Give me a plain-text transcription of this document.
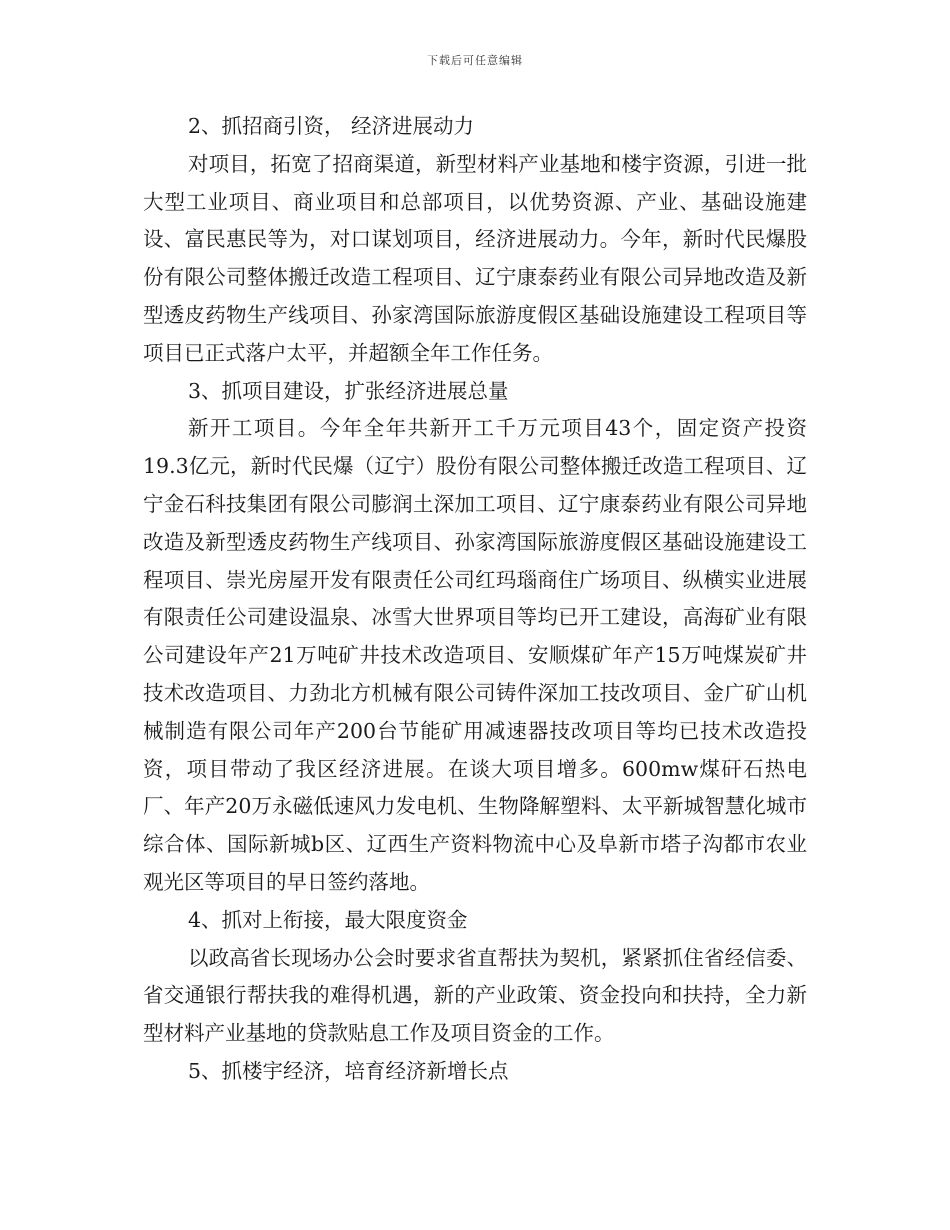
下载后可任意编辑

2、抓招商引资， 经济进展动力

对项目，拓宽了招商渠道，新型材料产业基地和楼宇资源，引进一批大型工业项目、商业项目和总部项目，以优势资源、产业、基础设施建设、富民惠民等为，对口谋划项目，经济进展动力。今年，新时代民爆股份有限公司整体搬迁改造工程项目、辽宁康泰药业有限公司异地改造及新型透皮药物生产线项目、孙家湾国际旅游度假区基础设施建设工程项目等项目已正式落户太平，并超额全年工作任务。

3、抓项目建设，扩张经济进展总量

新开工项目。今年全年共新开工千万元项目43个，固定资产投资19.3亿元，新时代民爆（辽宁）股份有限公司整体搬迁改造工程项目、辽宁金石科技集团有限公司膨润土深加工项目、辽宁康泰药业有限公司异地改造及新型透皮药物生产线项目、孙家湾国际旅游度假区基础设施建设工程项目、崇光房屋开发有限责任公司红玛瑙商住广场项目、纵横实业进展有限责任公司建设温泉、冰雪大世界项目等均已开工建设，高海矿业有限公司建设年产21万吨矿井技术改造项目、安顺煤矿年产15万吨煤炭矿井技术改造项目、力劲北方机械有限公司铸件深加工技改项目、金广矿山机械制造有限公司年产200台节能矿用减速器技改项目等均已技术改造投资，项目带动了我区经济进展。在谈大项目增多。600mw煤矸石热电厂、年产20万永磁低速风力发电机、生物降解塑料、太平新城智慧化城市综合体、国际新城b区、辽西生产资料物流中心及阜新市塔子沟都市农业观光区等项目的早日签约落地。

4、抓对上衔接，最大限度资金

以政高省长现场办公会时要求省直帮扶为契机，紧紧抓住省经信委、省交通银行帮扶我的难得机遇，新的产业政策、资金投向和扶持，全力新型材料产业基地的贷款贴息工作及项目资金的工作。

5、抓楼宇经济，培育经济新增长点
